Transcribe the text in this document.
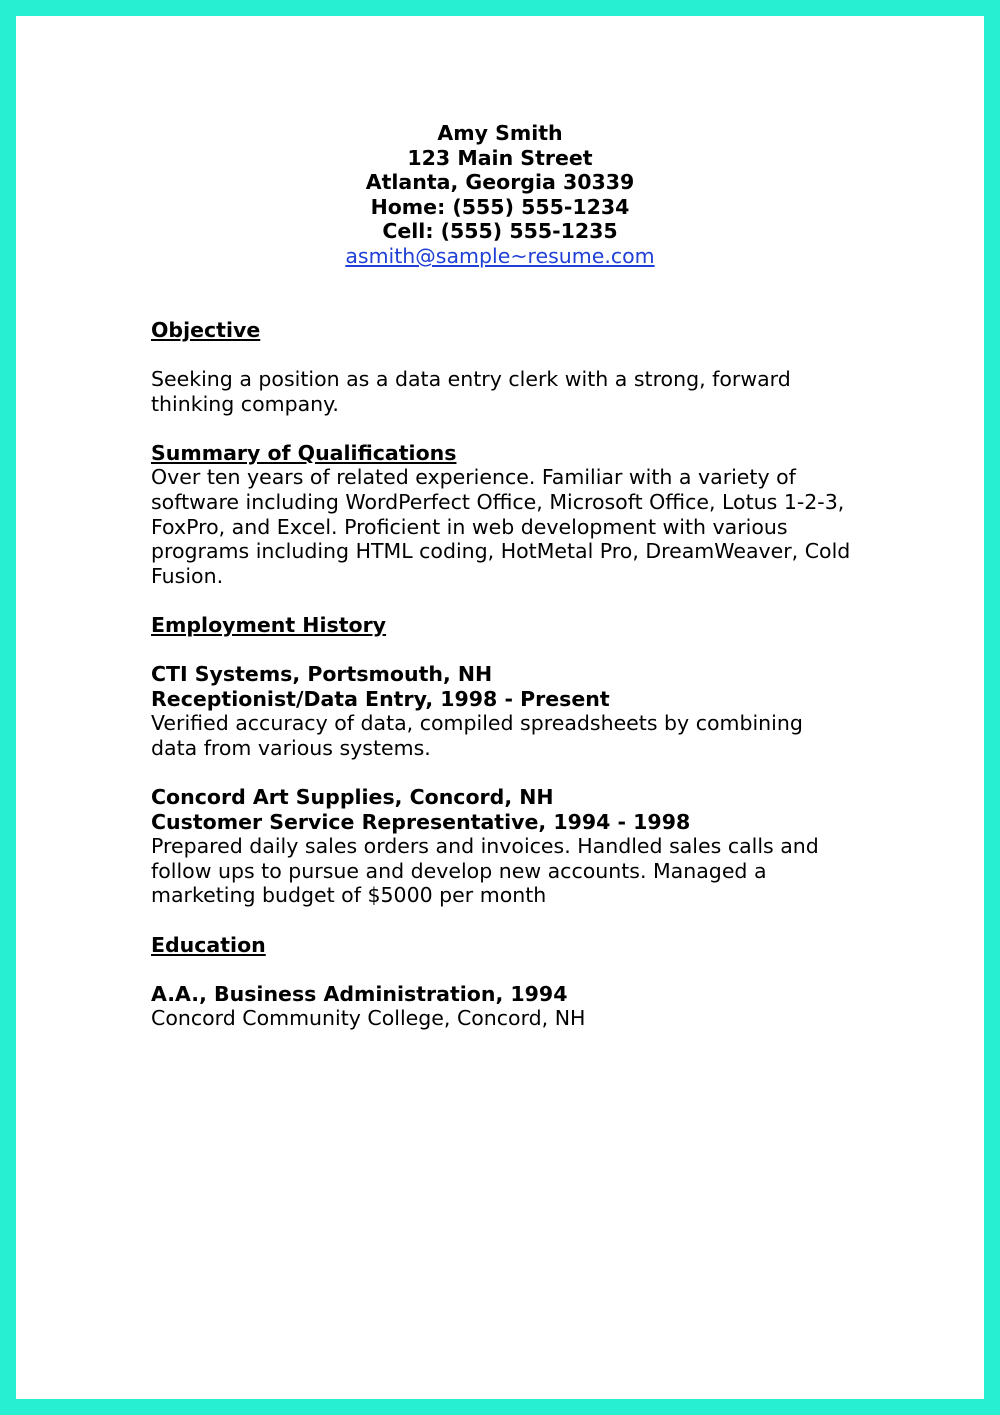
Amy Smith
123 Main Street
Atlanta, Georgia 30339
Home: (555) 555-1234
Cell: (555) 555-1235
asmith@sample~resume.com
Objective
Seeking a position as a data entry clerk with a strong, forward thinking company.
Summary of Qualifications
Over ten years of related experience. Familiar with a variety of software including WordPerfect Office, Microsoft Office, Lotus 1-2-3, FoxPro, and Excel. Proficient in web development with various programs including HTML coding, HotMetal Pro, DreamWeaver, Cold Fusion.
Employment History
CTI Systems, Portsmouth, NH
Receptionist/Data Entry, 1998 - Present
Verified accuracy of data, compiled spreadsheets by combining data from various systems.
Concord Art Supplies, Concord, NH
Customer Service Representative, 1994 - 1998
Prepared daily sales orders and invoices. Handled sales calls and follow ups to pursue and develop new accounts. Managed a marketing budget of $5000 per month
Education
A.A., Business Administration, 1994
Concord Community College, Concord, NH
